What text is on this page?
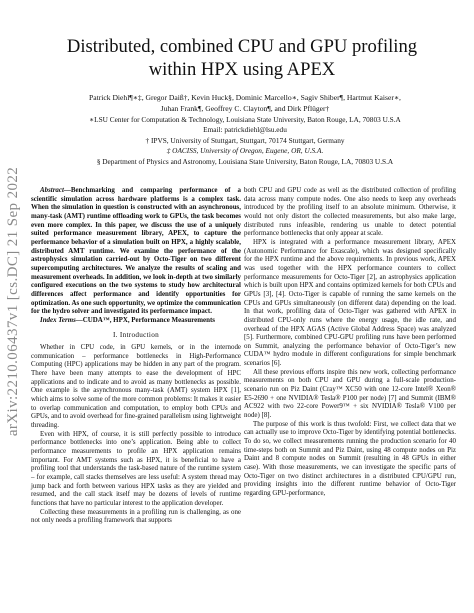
arXiv:2210.06437v1 [cs.DC] 21 Sep 2022
Distributed, combined CPU and GPU profiling
within HPX using APEX
Patrick Diehl¶∗‡, Gregor Daiß†, Kevin Huck§, Dominic Marcello∗, Sagiv Shiber¶, Hartmut Kaiser∗,
Juhan Frank¶, Geoffrey C. Clayton¶, and Dirk Pflüger†
∗LSU Center for Computation & Technology, Louisiana State University, Baton Rouge, LA, 70803 U.S.A
Email: patrickdiehl@lsu.edu
† IPVS, University of Stuttgart, Stuttgart, 70174 Stuttgart, Germany
‡ OACISS, University of Oregon, Eugene, OR, U.S.A.
§ Department of Physics and Astronomy, Louisiana State University, Baton Rouge, LA, 70803 U.S.A

Abstract—Benchmarking and comparing performance of a scientific simulation across hardware platforms is a complex task. When the simulation in question is constructed with an asynchronous, many-task (AMT) runtime offloading work to GPUs, the task becomes even more complex. In this paper, we discuss the use of a uniquely suited performance measurement library, APEX, to capture the performance behavior of a simulation built on HPX, a highly scalable, distributed AMT runtime. We examine the performance of the astrophysics simulation carried-out by Octo-Tiger on two different supercomputing architectures. We analyze the results of scaling and measurement overheads. In addition, we look in-depth at two similarly configured executions on the two systems to study how architectural differences affect performance and identify opportunities for optimization. As one such opportunity, we optimize the communication for the hydro solver and investigated its performance impact.

Index Terms—CUDA™, HPX, Performance Measurements

I. Introduction

Whether in CPU code, in GPU kernels, or in the internode communication – performance bottlenecks in High-Performance Computing (HPC) applications may be hidden in any part of the program. There have been many attempts to ease the development of HPC applications and to indicate and to avoid as many bottlenecks as possible. One example is the asynchronous many-task (AMT) system HPX [1], which aims to solve some of the more common problems: It makes it easier to overlap communication and computation, to employ both CPUs and GPUs, and to avoid overhead for fine-grained parallelism using lightweight threading.

Even with HPX, of course, it is still perfectly possible to introduce performance bottlenecks into one’s application. Being able to collect performance measurements to profile an HPX application remains important. For AMT systems such as HPX, it is beneficial to have a profiling tool that understands the task-based nature of the runtime system – for example, call stacks themselves are less useful: A system thread may jump back and forth between various HPX tasks as they are yielded and resumed, and the call stack itself may be dozens of levels of runtime functions that have no particular interest to the application developer.

Collecting these measurements in a profiling run is challenging, as one not only needs a profiling framework that supports

both CPU and GPU code as well as the distributed collection of profiling data across many compute nodes. One also needs to keep any overheads introduced by the profiling itself to an absolute minimum. Otherwise, it would not only distort the collected measurements, but also make large, distributed runs infeasible, rendering us unable to detect potential performance bottlenecks that only appear at scale.

HPX is integrated with a performance measurement library, APEX (Autonomic Performance for Exascale), which was designed specifically for the HPX runtime and the above requirements. In previous work, APEX was used together with the HPX performance counters to collect performance measurements for Octo-Tiger [2], an astrophysics application which is built upon HPX and contains optimized kernels for both CPUs and GPUs [3], [4]. Octo-Tiger is capable of running the same kernels on the CPUs and GPUs simultaneously (on different data) depending on the load. In that work, profiling data of Octo-Tiger was gathered with APEX in distributed CPU-only runs where the energy usage, the idle rate, and overhead of the HPX AGAS (Active Global Address Space) was analyzed [5]. Furthermore, combined CPU-GPU profiling runs have been performed on Summit, analyzing the performance behavior of Octo-Tiger’s new CUDA™ hydro module in different configurations for simple benchmark scenarios [6].

All these previous efforts inspire this new work, collecting performance measurements on both CPU and GPU during a full-scale production-scenario run on Piz Daint (Cray™ XC50 with one 12-core Intel® Xeon® E5-2690 + one NVIDIA® Tesla® P100 per node) [7] and Summit (IBM® AC922 with two 22-core Power9™ + six NVIDIA® Tesla® V100 per node) [8].

The purpose of this work is thus twofold: First, we collect data that we can actually use to improve Octo-Tiger by identifying potential bottlenecks. To do so, we collect measurements running the production scenario for 40 time-steps both on Summit and Piz Daint, using 48 compute nodes on Piz Daint and 8 compute nodes on Summit (resulting in 48 GPUs in either case). With those measurements, we can investigate the specific parts of Octo-Tiger on two distinct architectures in a distributed CPU/GPU run, providing insights into the different runtime behavior of Octo-Tiger regarding GPU-performance,
